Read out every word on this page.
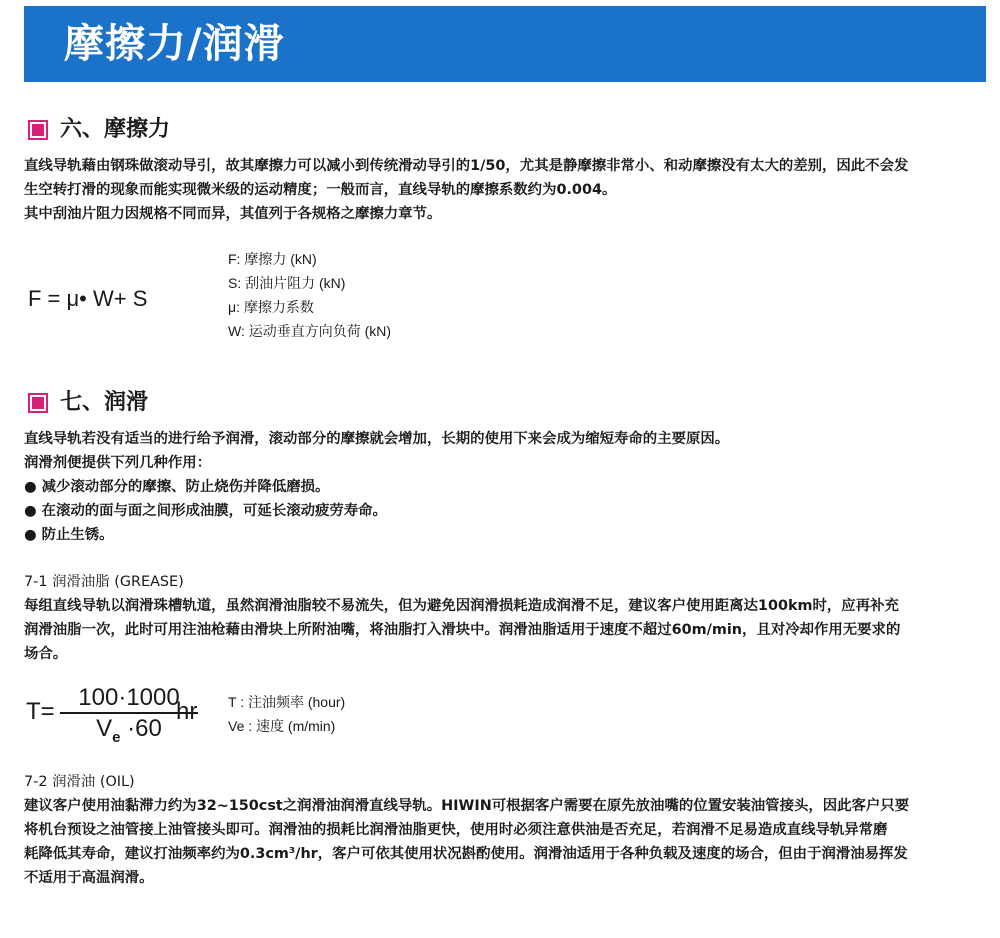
摩擦力/润滑
六、摩擦力

直线导轨藉由钢珠做滚动导引，故其摩擦力可以减小到传统滑动导引的1/50，尤其是静摩擦非常小、和动摩擦没有太大的差别，因此不会发

生空转打滑的现象而能实现微米级的运动精度；一般而言，直线导轨的摩擦系数约为0.004。

其中刮油片阻力因规格不同而异，其值列于各规格之摩擦力章节。

F = μ• W+ S
F: 摩擦力 (kN)
S: 刮油片阻力 (kN)
μ: 摩擦力系数
W: 运动垂直方向负荷 (kN)
七、润滑

直线导轨若没有适当的进行给予润滑，滚动部分的摩擦就会增加，长期的使用下来会成为缩短寿命的主要原因。

润滑剂便提供下列几种作用：

● 减少滚动部分的摩擦、防止烧伤并降低磨损。

● 在滚动的面与面之间形成油膜，可延长滚动疲劳寿命。

● 防止生锈。

7-1 润滑油脂 (GREASE)

每组直线导轨以润滑珠槽轨道，虽然润滑油脂较不易流失，但为避免因润滑损耗造成润滑不足，建议客户使用距离达100km时，应再补充

润滑油脂一次，此时可用注油枪藉由滑块上所附油嘴，将油脂打入滑块中。润滑油脂适用于速度不超过60m/min，且对冷却作用无要求的

场合。

$T= \frac{100\cdot 1000}{V_e \cdot 60}$
hr T : 注油频率 (hour)
Ve : 速度 (m/min)
7-2 润滑油 (OIL)

建议客户使用油黏滞力约为32~150cst之润滑油润滑直线导轨。HIWIN可根据客户需要在原先放油嘴的位置安装油管接头，因此客户只要

将机台预设之油管接上油管接头即可。润滑油的损耗比润滑油脂更快，使用时必须注意供油是否充足，若润滑不足易造成直线导轨异常磨

耗降低其寿命，建议打油频率约为0.3cm³/hr，客户可依其使用状况斟酌使用。润滑油适用于各种负载及速度的场合，但由于润滑油易挥发

不适用于高温润滑。
